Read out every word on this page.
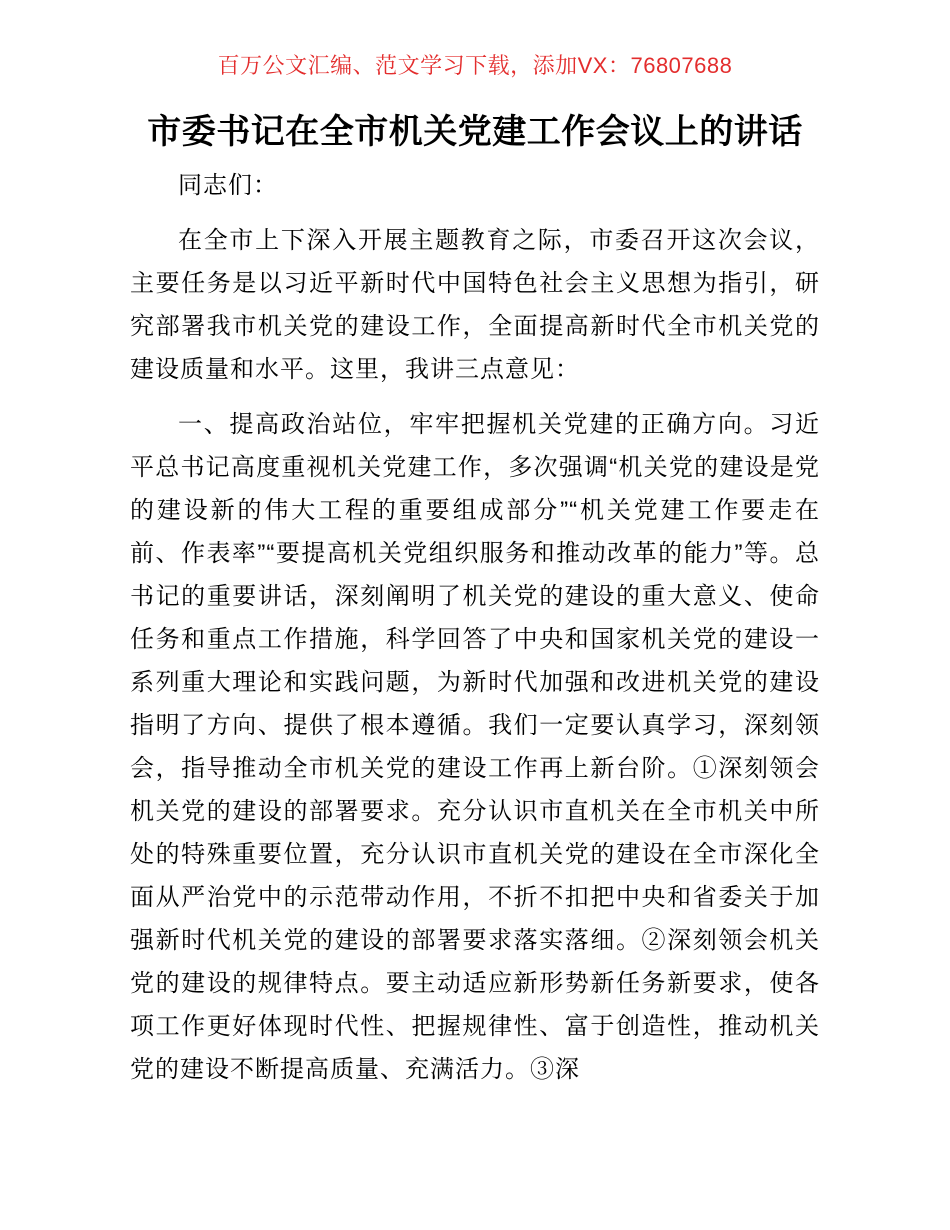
百万公文汇编、范文学习下载，添加VX：76807688
市委书记在全市机关党建工作会议上的讲话

同志们：

在全市上下深入开展主题教育之际，市委召开这次会议，主要任务是以习近平新时代中国特色社会主义思想为指引，研究部署我市机关党的建设工作，全面提高新时代全市机关党的建设质量和水平。这里，我讲三点意见：

一、提高政治站位，牢牢把握机关党建的正确方向。习近平总书记高度重视机关党建工作，多次强调“机关党的建设是党的建设新的伟大工程的重要组成部分”“机关党建工作要走在前、作表率”“要提高机关党组织服务和推动改革的能力”等。总书记的重要讲话，深刻阐明了机关党的建设的重大意义、使命任务和重点工作措施，科学回答了中央和国家机关党的建设一系列重大理论和实践问题，为新时代加强和改进机关党的建设指明了方向、提供了根本遵循。我们一定要认真学习，深刻领会，指导推动全市机关党的建设工作再上新台阶。①深刻领会机关党的建设的部署要求。充分认识市直机关在全市机关中所处的特殊重要位置，充分认识市直机关党的建设在全市深化全面从严治党中的示范带动作用，不折不扣把中央和省委关于加强新时代机关党的建设的部署要求落实落细。②深刻领会机关党的建设的规律特点。要主动适应新形势新任务新要求，使各项工作更好体现时代性、把握规律性、富于创造性，推动机关党的建设不断提高质量、充满活力。③深
